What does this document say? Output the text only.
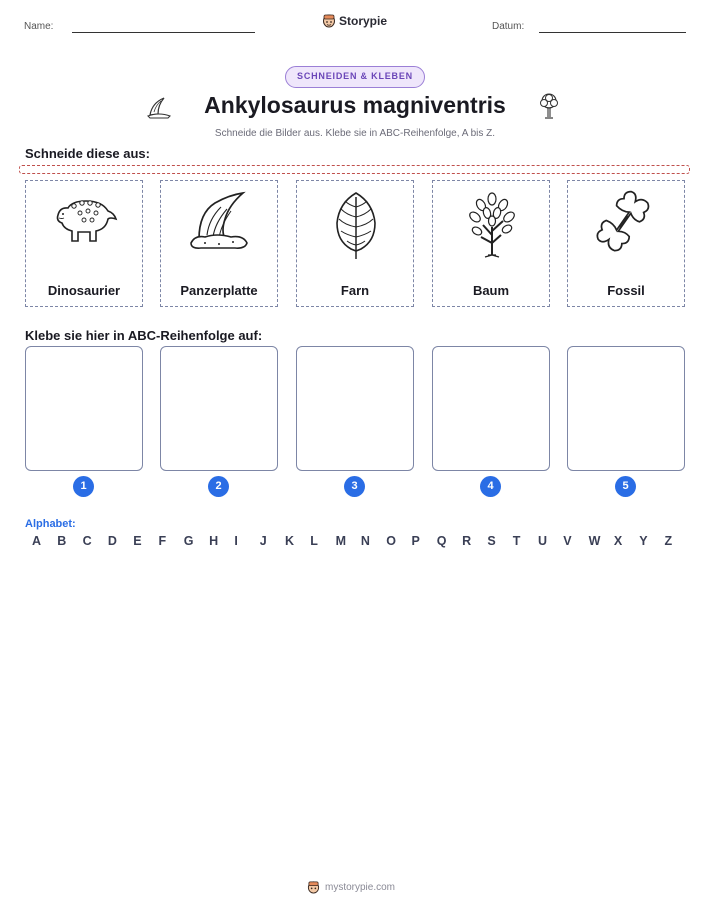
Name:	Storypie	Datum:
SCHNEIDEN & KLEBEN
Ankylosaurus magniventris
Schneide die Bilder aus. Klebe sie in ABC-Reihenfolge, A bis Z.
Schneide diese aus:
Dinosaurier	Panzerplatte	Farn	Baum	Fossil
Klebe sie hier in ABC-Reihenfolge auf:
1	2	3	4	5
Alphabet:
A B C D E F G H I J K L M N O P Q R S T U V W X Y Z
mystorypie.com
